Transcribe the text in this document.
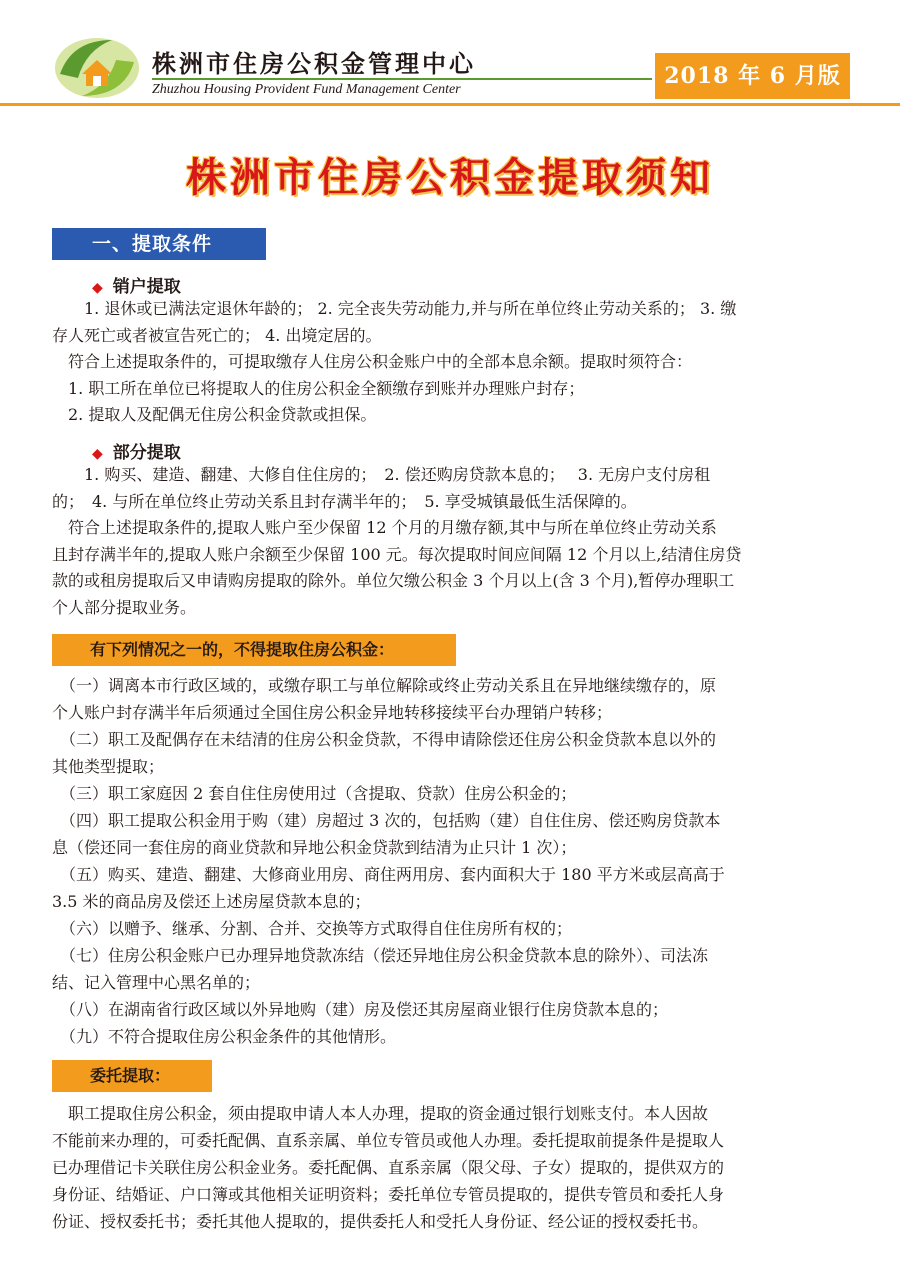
株洲市住房公积金管理中心
Zhuzhou Housing Provident Fund Management Center
2018 年 6 月版
株洲市住房公积金提取须知
一、提取条件
◆ 销户提取
1. 退休或已满法定退休年龄的； 2. 完全丧失劳动能力,并与所在单位终止劳动关系的； 3. 缴
存人死亡或者被宣告死亡的； 4. 出境定居的。
　符合上述提取条件的，可提取缴存人住房公积金账户中的全部本息余额。提取时须符合：
　1. 职工所在单位已将提取人的住房公积金全额缴存到账并办理账户封存；
　2. 提取人及配偶无住房公积金贷款或担保。
◆ 部分提取
1. 购买、建造、翻建、大修自住住房的；　2. 偿还购房贷款本息的；　 3. 无房户支付房租
的；　4. 与所在单位终止劳动关系且封存满半年的；　5. 享受城镇最低生活保障的。
　符合上述提取条件的,提取人账户至少保留 12 个月的月缴存额,其中与所在单位终止劳动关系
且封存满半年的,提取人账户余额至少保留 100 元。每次提取时间应间隔 12 个月以上,结清住房贷
款的或租房提取后又申请购房提取的除外。单位欠缴公积金 3 个月以上(含 3 个月),暂停办理职工
个人部分提取业务。
有下列情况之一的，不得提取住房公积金：
　（一）调离本市行政区域的，或缴存职工与单位解除或终止劳动关系且在异地继续缴存的，原
个人账户封存满半年后须通过全国住房公积金异地转移接续平台办理销户转移；
　（二）职工及配偶存在未结清的住房公积金贷款，不得申请除偿还住房公积金贷款本息以外的
其他类型提取；
　（三）职工家庭因 2 套自住住房使用过（含提取、贷款）住房公积金的；
　（四）职工提取公积金用于购（建）房超过 3 次的，包括购（建）自住住房、偿还购房贷款本
息（偿还同一套住房的商业贷款和异地公积金贷款到结清为止只计 1 次）；
　（五）购买、建造、翻建、大修商业用房、商住两用房、套内面积大于 180 平方米或层高高于
3.5 米的商品房及偿还上述房屋贷款本息的；
　（六）以赠予、继承、分割、合并、交换等方式取得自住住房所有权的；
　（七）住房公积金账户已办理异地贷款冻结（偿还异地住房公积金贷款本息的除外）、司法冻
结、记入管理中心黑名单的；
　（八）在湖南省行政区域以外异地购（建）房及偿还其房屋商业银行住房贷款本息的；
　（九）不符合提取住房公积金条件的其他情形。
委托提取：
　职工提取住房公积金，须由提取申请人本人办理，提取的资金通过银行划账支付。本人因故
不能前来办理的，可委托配偶、直系亲属、单位专管员或他人办理。委托提取前提条件是提取人
已办理借记卡关联住房公积金业务。委托配偶、直系亲属（限父母、子女）提取的，提供双方的
身份证、结婚证、户口簿或其他相关证明资料；委托单位专管员提取的，提供专管员和委托人身
份证、授权委托书；委托其他人提取的，提供委托人和受托人身份证、经公证的授权委托书。
